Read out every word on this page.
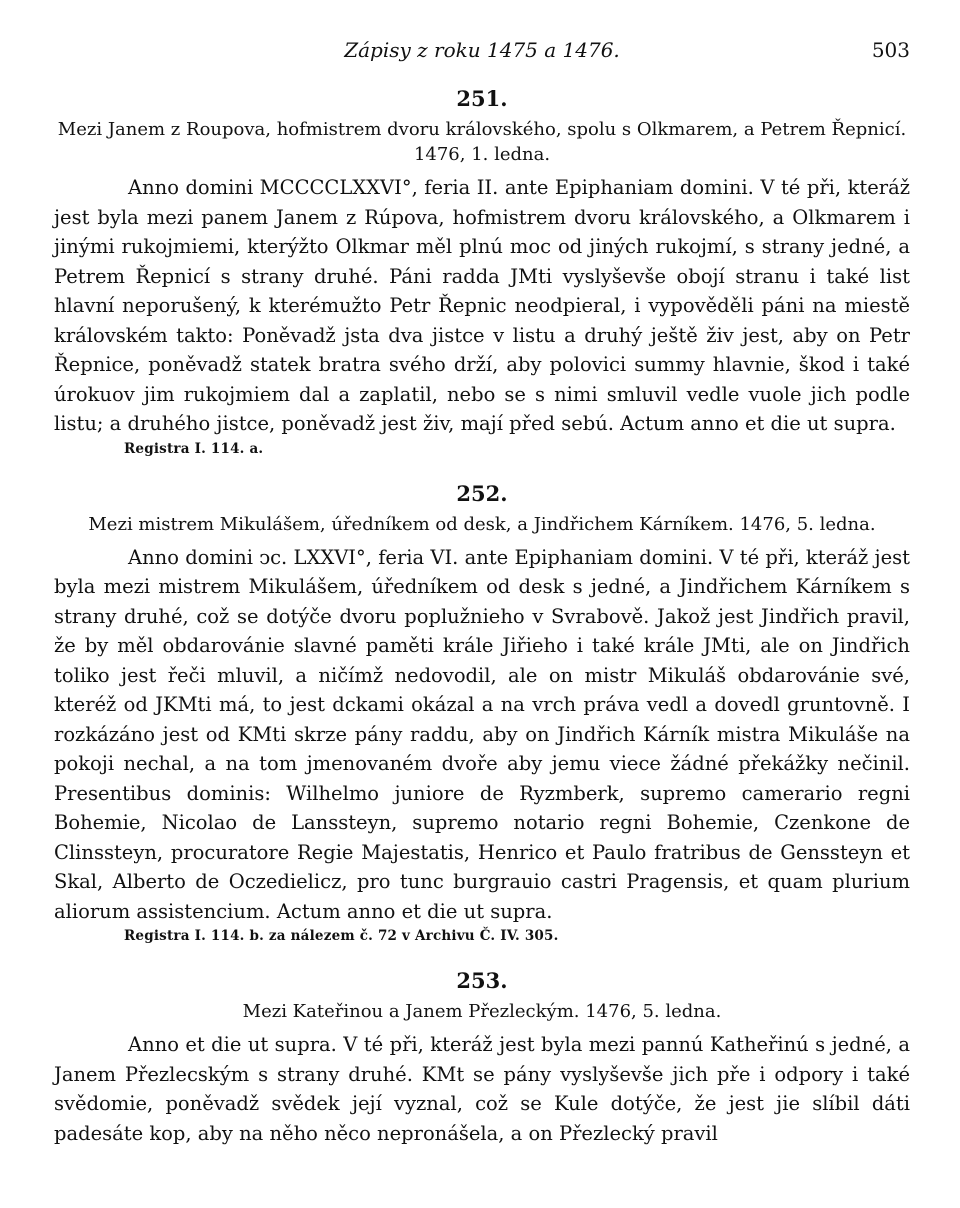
Zápisy z roku 1475 a 1476.	503
251.
Mezi Janem z Roupova, hofmistrem dvoru královského, spolu s Olkmarem, a Petrem Řepnicí.
1476, 1. ledna.

Anno domini MCCCCLXXVI°, feria II. ante Epiphaniam domini. V té při, kteráž jest byla mezi panem Janem z Rúpova, hofmistrem dvoru královského, a Olkmarem i jinými rukojmiemi, kterýžto Olkmar měl plnú moc od jiných rukojmí, s strany jedné, a Petrem Řepnicí s strany druhé. Páni radda JMti vyslyševše obojí stranu i také list hlavní neporušený, k kterémužto Petr Řepnic neodpieral, i vypověděli páni na miestě královském takto: Poněvadž jsta dva jistce v listu a druhý ještě živ jest, aby on Petr Řepnice, poněvadž statek bratra svého drží, aby polovici summy hlavnie, škod i také úrokuov jim rukojmiem dal a zaplatil, nebo se s nimi smluvil vedle vuole jich podle listu; a druhého jistce, poněvadž jest živ, mají před sebú. Actum anno et die ut supra.

Registra I. 114. a.
252.
Mezi mistrem Mikulášem, úředníkem od desk, a Jindřichem Kárníkem. 1476, 5. ledna.

Anno domini ͻc. LXXVI°, feria VI. ante Epiphaniam domini. V té při, kteráž jest byla mezi mistrem Mikulášem, úředníkem od desk s jedné, a Jindřichem Kárníkem s strany druhé, což se dotýče dvoru poplužnieho v Svrabově. Jakož jest Jindřich pravil, že by měl obdarovánie slavné paměti krále Jiřieho i také krále JMti, ale on Jindřich toliko jest řeči mluvil, a ničímž nedovodil, ale on mistr Mikuláš obdarovánie své, kteréž od JKMti má, to jest dckami okázal a na vrch práva vedl a dovedl gruntovně. I rozkázáno jest od KMti skrze pány raddu, aby on Jindřich Kárník mistra Mikuláše na pokoji nechal, a na tom jmenovaném dvoře aby jemu viece žádné překážky nečinil. Presentibus dominis: Wilhelmo juniore de Ryzmberk, supremo camerario regni Bohemie, Nicolao de Lanssteyn, supremo notario regni Bohemie, Czenkone de Clinssteyn, procuratore Regie Majestatis, Henrico et Paulo fratribus de Genssteyn et Skal, Alberto de Oczedielicz, pro tunc burgrauio castri Pragensis, et quam plurium aliorum assistencium. Actum anno et die ut supra.

Registra I. 114. b. za nálezem č. 72 v Archivu Č. IV. 305.
253.
Mezi Kateřinou a Janem Přezleckým. 1476, 5. ledna.

Anno et die ut supra. V té při, kteráž jest byla mezi pannú Katheřinú s jedné, a Janem Přezlecským s strany druhé. KMt se pány vyslyševše jich pře i odpory i také svědomie, poněvadž svědek její vyznal, což se Kule dotýče, že jest jie slíbil dáti padesáte kop, aby na něho něco nepronášela, a on Přezlecký pravil
